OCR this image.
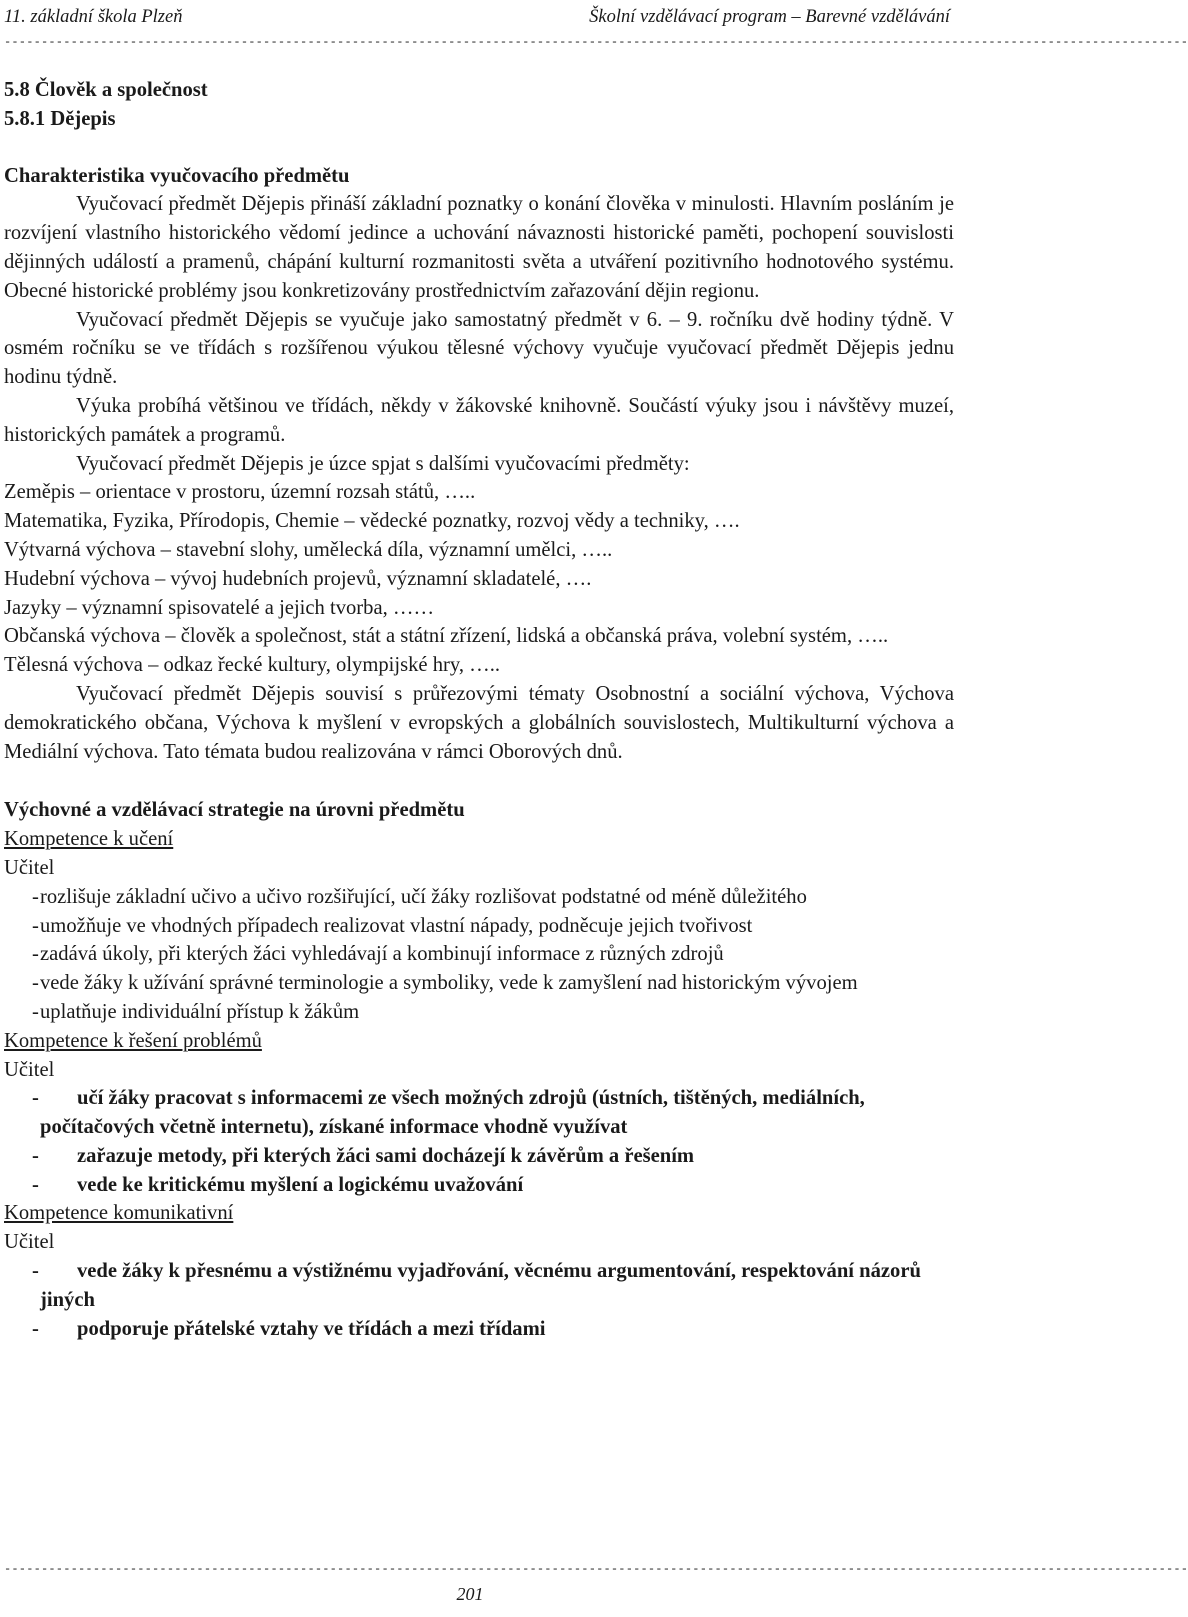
11. základní škola Plzeň	Školní vzdělávací program – Barevné vzdělávání
----------------------------------------------------------------------------------------------------------------------------------------------------------------

5.8 Člověk a společnost

5.8.1 Dějepis

Charakteristika vyučovacího předmětu

Vyučovací předmět Dějepis přináší základní poznatky o konání člověka v minulosti. Hlavním posláním je rozvíjení vlastního historického vědomí jedince a uchování návaznosti historické paměti, pochopení souvislosti dějinných událostí a pramenů, chápání kulturní rozmanitosti světa a utváření pozitivního hodnotového systému. Obecné historické problémy jsou konkretizovány prostřednictvím zařazování dějin regionu.

Vyučovací předmět Dějepis se vyučuje jako samostatný předmět v 6. – 9. ročníku dvě hodiny týdně. V osmém ročníku se ve třídách s rozšířenou výukou tělesné výchovy vyučuje vyučovací předmět Dějepis jednu hodinu týdně.

Výuka probíhá většinou ve třídách, někdy v žákovské knihovně. Součástí výuky jsou i návštěvy muzeí, historických památek a programů.

Vyučovací předmět Dějepis je úzce spjat s dalšími vyučovacími předměty:

Zeměpis – orientace v prostoru, územní rozsah států, …..

Matematika, Fyzika, Přírodopis, Chemie – vědecké poznatky, rozvoj vědy a techniky, ….

Výtvarná výchova – stavební slohy, umělecká díla, významní umělci, …..

Hudební výchova – vývoj hudebních projevů, významní skladatelé, ….

Jazyky – významní spisovatelé a jejich tvorba, ……

Občanská výchova – člověk a společnost, stát a státní zřízení, lidská a občanská práva, volební systém, …..

Tělesná výchova – odkaz řecké kultury, olympijské hry, …..

Vyučovací předmět Dějepis souvisí s průřezovými tématy Osobnostní a sociální výchova, Výchova demokratického občana, Výchova k myšlení v evropských a globálních souvislostech, Multikulturní výchova a Mediální výchova. Tato témata budou realizována v rámci Oborových dnů.

Výchovné a vzdělávací strategie na úrovni předmětu

Kompetence k učení

Učitel

- rozlišuje základní učivo a učivo rozšiřující, učí žáky rozlišovat podstatné od méně důležitého
- umožňuje ve vhodných případech realizovat vlastní nápady, podněcuje jejich tvořivost
- zadává úkoly, při kterých žáci vyhledávají a kombinují informace z různých zdrojů
- vede žáky k užívání správné terminologie a symboliky, vede k zamyšlení nad historickým vývojem
- uplatňuje individuální přístup k žákům

Kompetence k řešení problémů

Učitel

- učí žáky pracovat s informacemi ze všech možných zdrojů (ústních, tištěných, mediálních, počítačových včetně internetu), získané informace vhodně využívat
- zařazuje metody, při kterých žáci sami docházejí k závěrům a řešením
- vede ke kritickému myšlení a logickému uvažování

Kompetence komunikativní

Učitel

- vede žáky k přesnému a výstižnému vyjadřování, věcnému argumentování, respektování názorů jiných
- podporuje přátelské vztahy ve třídách a mezi třídami
----------------------------------------------------------------------------------------------------------------------------------------------------------------
201
